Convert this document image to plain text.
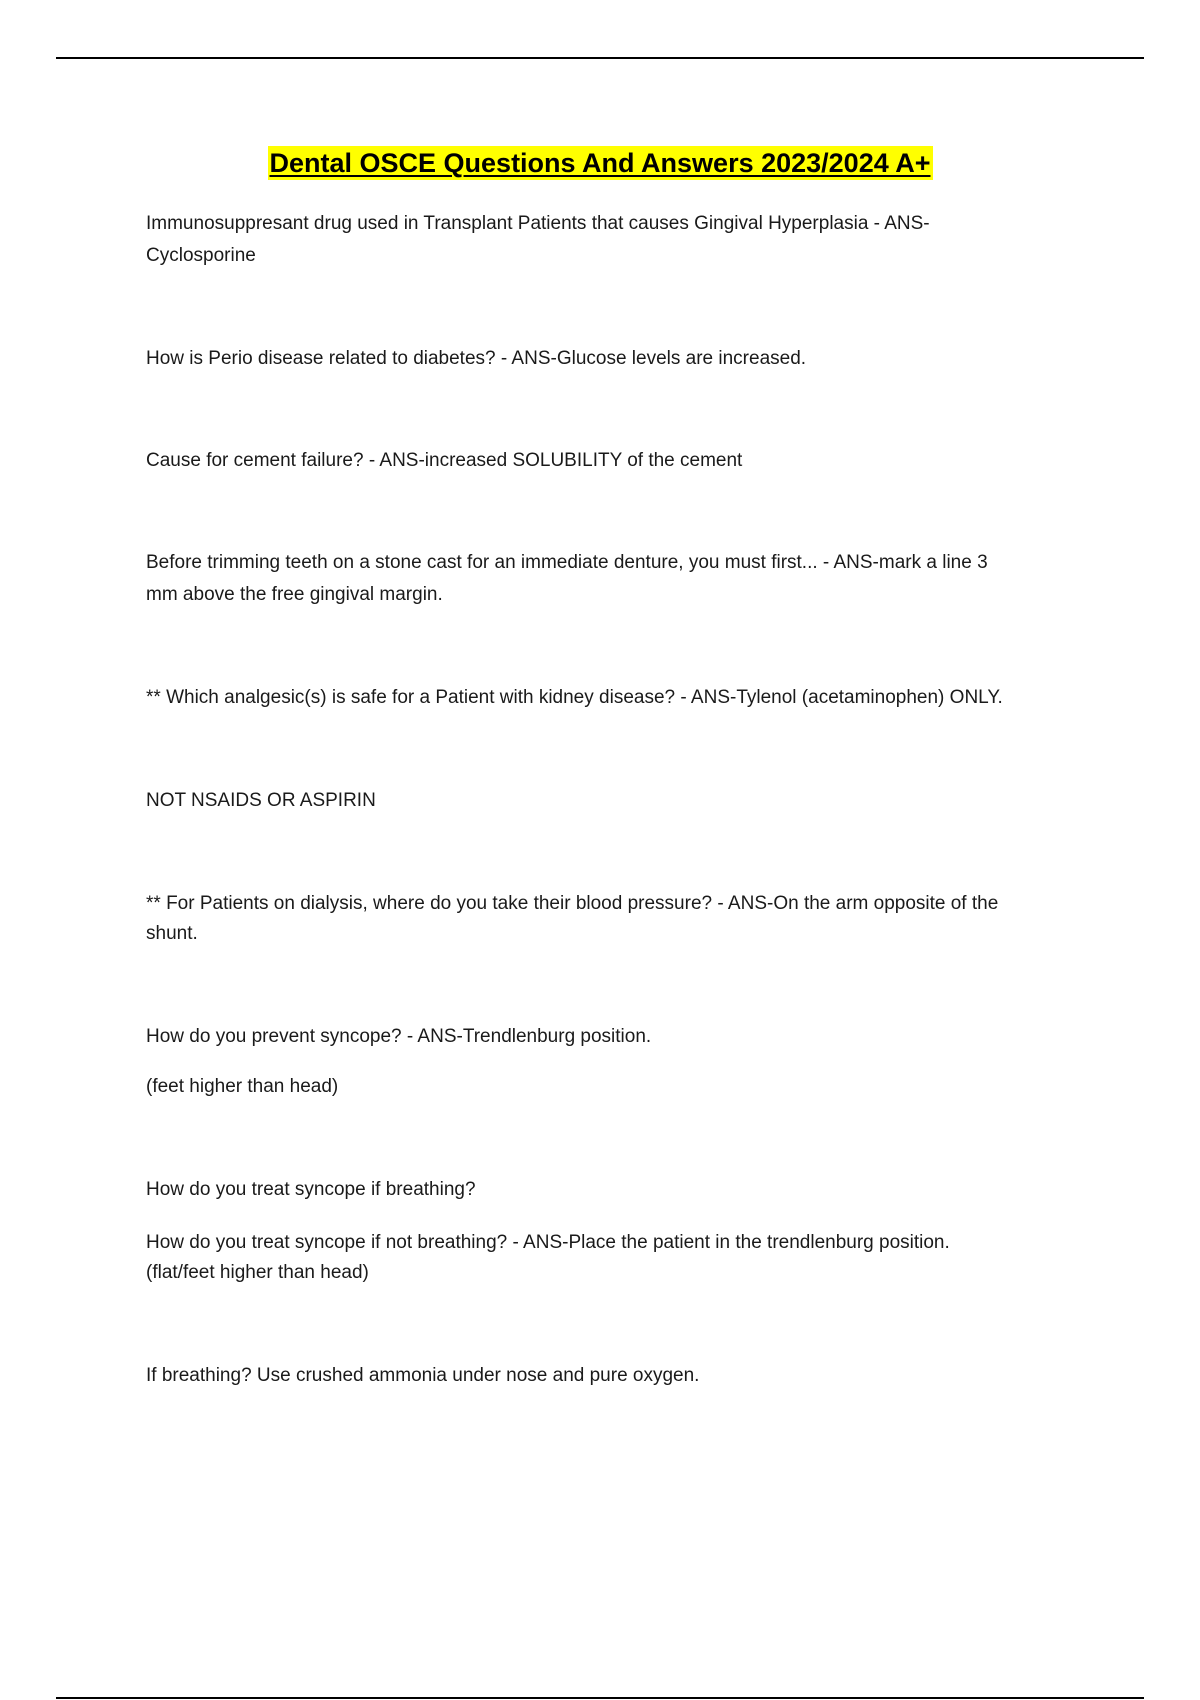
Dental OSCE Questions And Answers 2023/2024 A+
Immunosuppresant drug used in Transplant Patients that causes Gingival Hyperplasia - ANS-
Cyclosporine
How is Perio disease related to diabetes? - ANS-Glucose levels are increased.
Cause for cement failure? - ANS-increased SOLUBILITY of the cement
Before trimming teeth on a stone cast for an immediate denture, you must first... - ANS-mark a line 3
mm above the free gingival margin.
** Which analgesic(s) is safe for a Patient with kidney disease? - ANS-Tylenol (acetaminophen) ONLY.
NOT NSAIDS OR ASPIRIN
** For Patients on dialysis, where do you take their blood pressure? - ANS-On the arm opposite of the
shunt.
How do you prevent syncope? - ANS-Trendlenburg position.
(feet higher than head)
How do you treat syncope if breathing?
How do you treat syncope if not breathing? - ANS-Place the patient in the trendlenburg position.
(flat/feet higher than head)
If breathing? Use crushed ammonia under nose and pure oxygen.
